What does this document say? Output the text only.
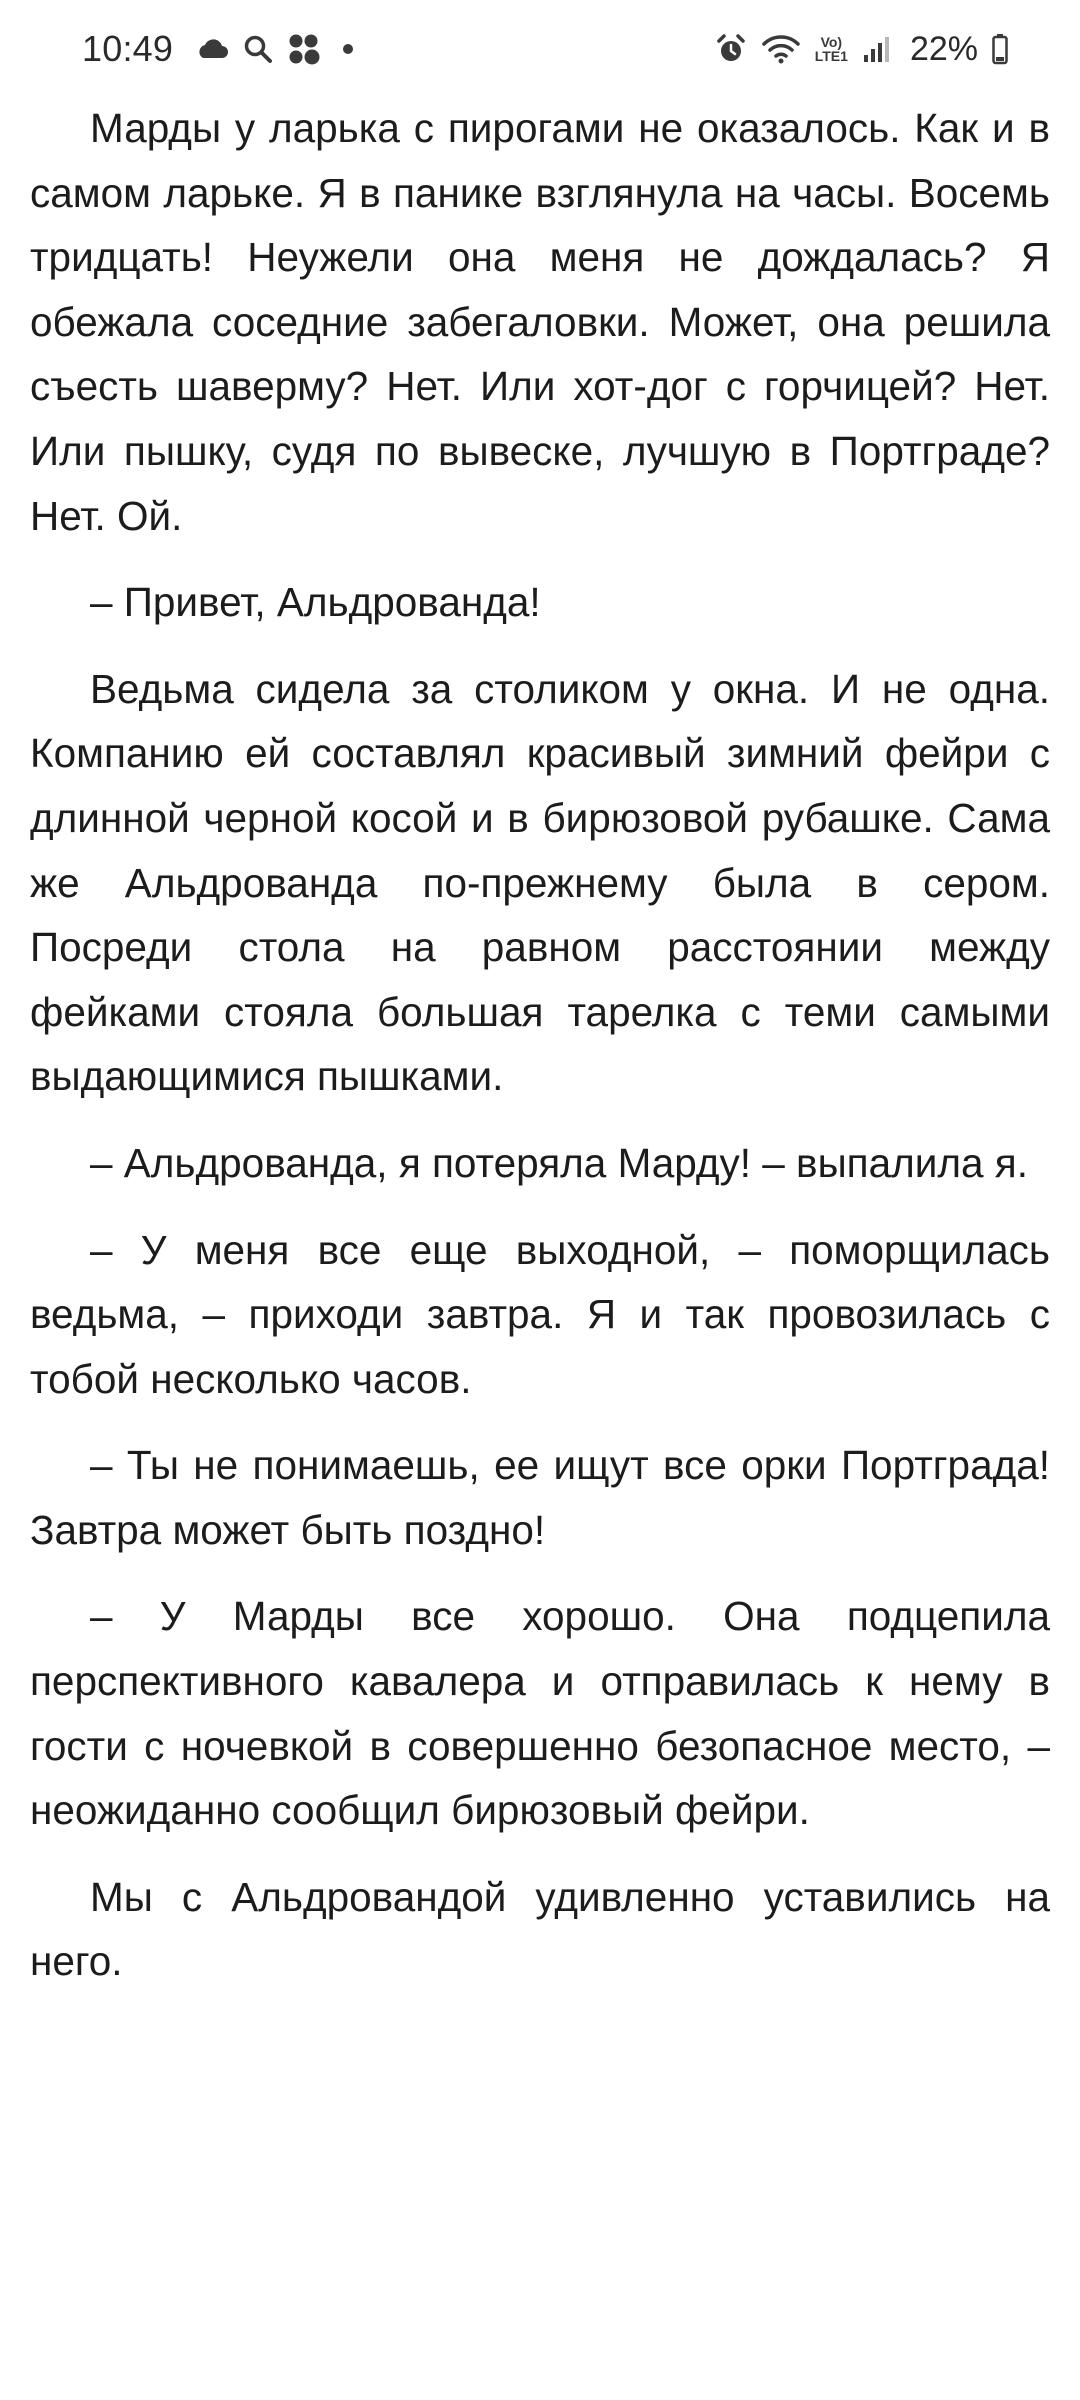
10:49	Vo)
LTE1 22%

Марды у ларька с пирогами не оказалось. Как и в самом ларьке. Я в панике взглянула на часы. Восемь тридцать! Неужели она меня не дождалась? Я обежала соседние забегаловки. Может, она решила съесть шаверму? Нет. Или хот-дог с горчицей? Нет. Или пышку, судя по вывеске, лучшую в Портграде? Нет. Ой.

– Привет, Альдрованда!

Ведьма сидела за столиком у окна. И не одна. Компанию ей составлял красивый зимний фейри с длинной черной косой и в бирюзовой рубашке. Сама же Альдрованда по-прежнему была в сером. Посреди стола на равном расстоянии между фейками стояла большая тарелка с теми самыми выдающимися пышками.

– Альдрованда, я потеряла Марду! – выпалила я.

– У меня все еще выходной, – поморщилась ведьма, – приходи завтра. Я и так провозилась с тобой несколько часов.

– Ты не понимаешь, ее ищут все орки Портграда! Завтра может быть поздно!

– У Марды все хорошо. Она подцепила перспективного кавалера и отправилась к нему в гости с ночевкой в совершенно безопасное место, – неожиданно сообщил бирюзовый фейри.

Мы с Альдровандой удивленно уставились на него.
